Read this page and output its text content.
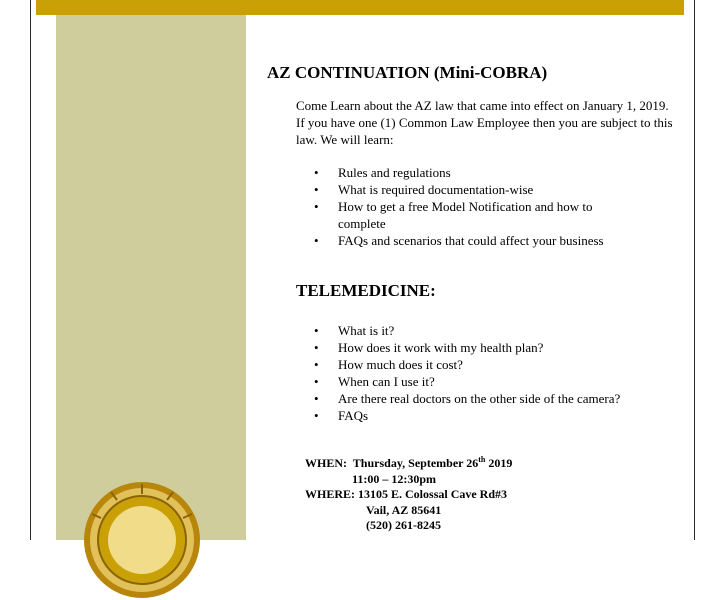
AZ CONTINUATION (Mini-COBRA)

Come Learn about the AZ law that came into effect on January 1, 2019. If you have one (1) Common Law Employee then you are subject to this law. We will learn:

• Rules and regulations
• What is required documentation-wise
• How to get a free Model Notification and how to complete
• FAQs and scenarios that could affect your business
TELEMEDICINE:
• What is it?
• How does it work with my health plan?
• How much does it cost?
• When can I use it?
• Are there real doctors on the other side of the camera?
• FAQs
WHEN: Thursday, September 26th 2019
11:00 – 12:30pm
WHERE: 13105 E. Colossal Cave Rd#3
Vail, AZ 85641
(520) 261-8245
